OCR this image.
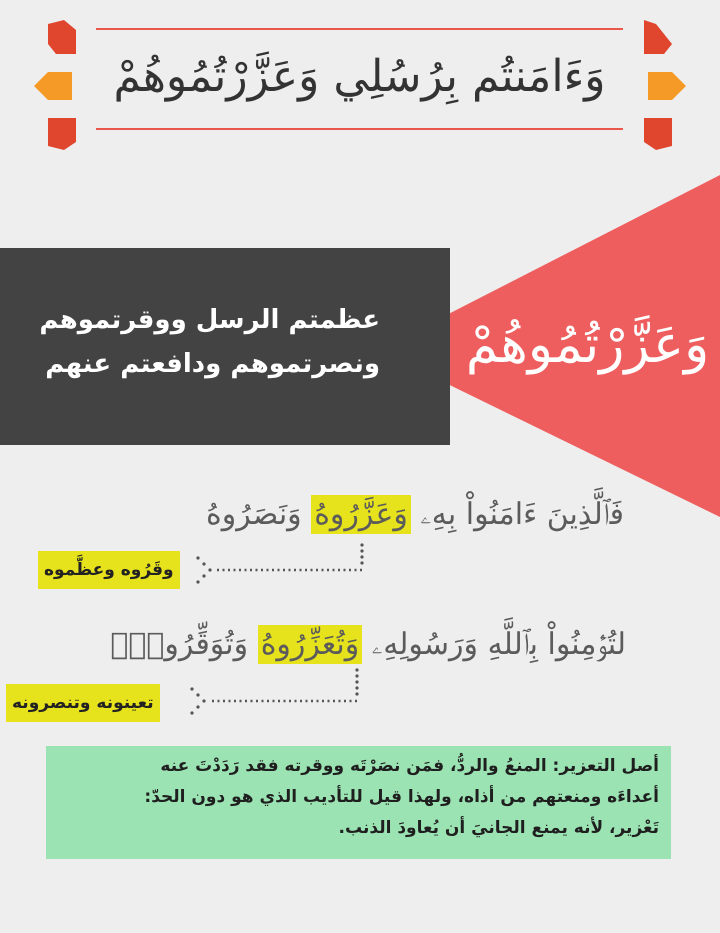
وَءَامَنتُم بِرُسُلِي وَعَزَّرْتُمُوهُمْ
وَعَزَّرْتُمُوهُمْ
عظمتم الرسل ووقرتموهم
ونصرتموهم ودافعتم عنهم
فَٱلَّذِينَ ءَامَنُواْ بِهِۦ وَعَزَّرُوهُ وَنَصَرُوهُ
وقَرُوه وعظَّموه
لتُؤۡمِنُواْ بِٱللَّهِ وَرَسُولِهِۦ وَتُعَزِّرُوهُ وَتُوَقِّرُوهُۚ
تعينونه وتنصرونه
أصل التعزير: المنعُ والردُّ، فمَن نصَرْتَه ووقرته فقد رَدَدْتَ عنه
أعداءَه ومنعتهم من أذاه، ولهذا قيل للتأديب الذي هو دون الحدّ:
تَعْزير، لأنه يمنع الجانيَ أن يُعاودَ الذنب.
